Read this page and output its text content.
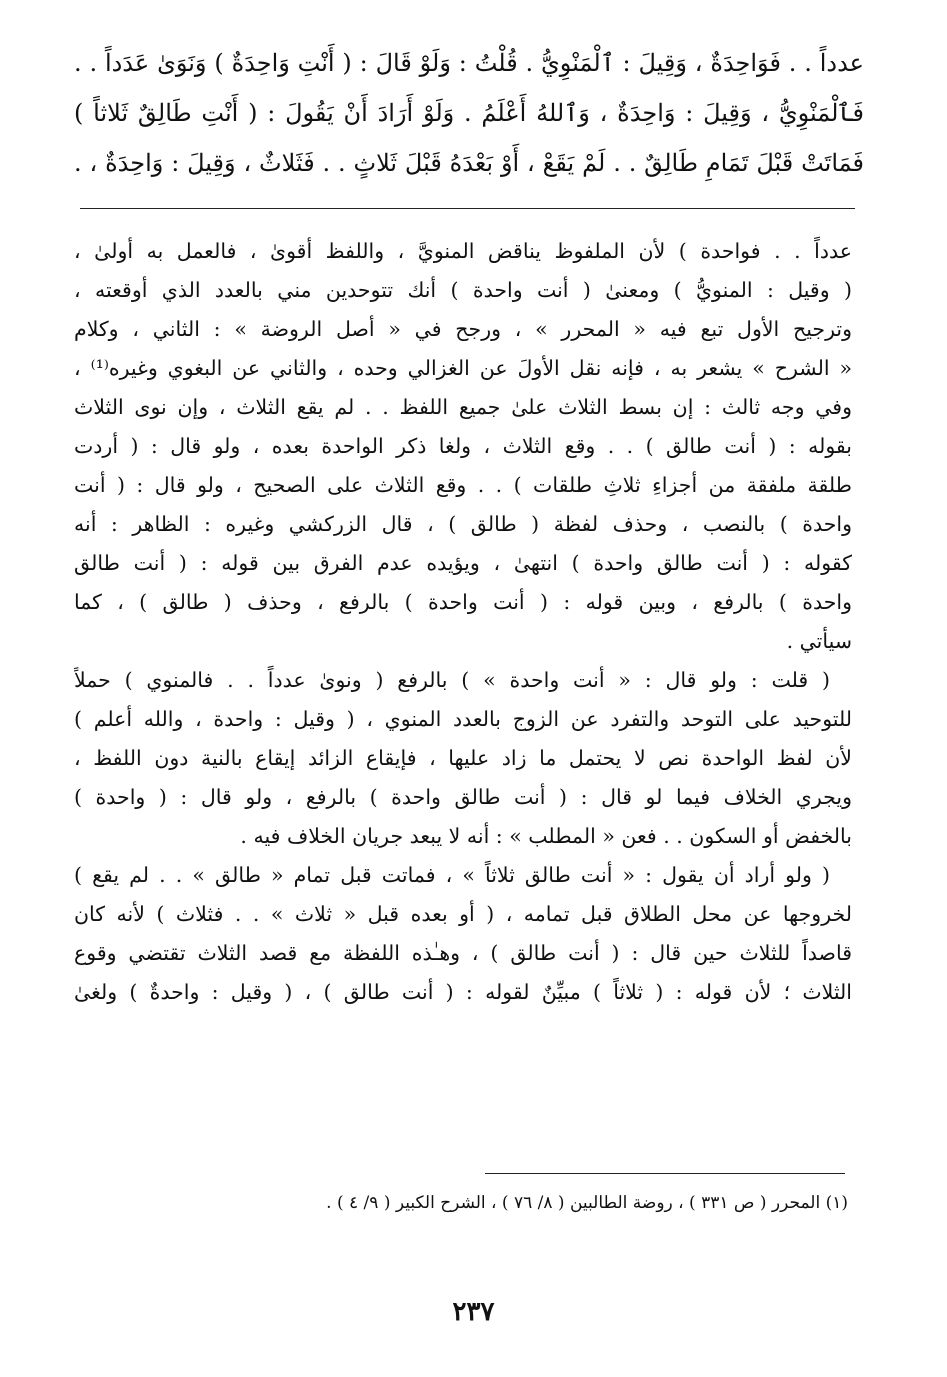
عدداً . . فَوَاحِدَةٌ ، وَقِيلَ : ٱلْمَنْوِيُّ . قُلْتُ : وَلَوْ قَالَ : ( أَنْتِ وَاحِدَةٌ ) وَنَوَىٰ عَدَداً . .
فَٱلْمَنْوِيُّ ، وَقِيلَ : وَاحِدَةٌ ، وَٱللهُ أَعْلَمُ . وَلَوْ أَرَادَ أَنْ يَقُولَ : ( أَنْتِ طَالِقٌ ثَلاثاً )
فَمَاتَتْ قَبْلَ تَمَامِ طَالِقٌ . . لَمْ يَقَعْ ، أَوْ بَعْدَهُ قَبْلَ ثَلاثٍ . . فَثَلاثٌ ، وَقِيلَ : وَاحِدَةٌ ، .
عدداً . . فواحدة ) لأن الملفوظ يناقض المنويَّ ، واللفظ أقوىٰ ، فالعمل به أولىٰ ،
( وقيل : المنويُّ ) ومعنىٰ ( أنت واحدة ) أنك تتوحدين مني بالعدد الذي أوقعته ،
وترجيح الأول تبع فيه « المحرر » ، ورجح في « أصل الروضة » : الثاني ، وكلام
« الشرح » يشعر به ، فإنه نقل الأولَ عن الغزالي وحده ، والثاني عن البغوي وغيره⁽¹⁾ ،
وفي وجه ثالث : إن بسط الثلاث علىٰ جميع اللفظ . . لم يقع الثلاث ، وإن نوى الثلاث
بقوله : ( أنت طالق ) . . وقع الثلاث ، ولغا ذكر الواحدة بعده ، ولو قال : ( أردت
طلقة ملفقة من أجزاءِ ثلاثِ طلقات ) . . وقع الثلاث على الصحيح ، ولو قال : ( أنت
واحدة ) بالنصب ، وحذف لفظة ( طالق ) ، قال الزركشي وغيره : الظاهر : أنه
كقوله : ( أنت طالق واحدة ) انتهىٰ ، ويؤيده عدم الفرق بين قوله : ( أنت طالق
واحدة ) بالرفع ، وبين قوله : ( أنت واحدة ) بالرفع ، وحذف ( طالق ) ، كما
سيأتي .
( قلت : ولو قال : « أنت واحدة » ) بالرفع ( ونوىٰ عدداً . . فالمنوي ) حملاً
للتوحيد على التوحد والتفرد عن الزوج بالعدد المنوي ، ( وقيل : واحدة ، والله أعلم )
لأن لفظ الواحدة نص لا يحتمل ما زاد عليها ، فإيقاع الزائد إيقاع بالنية دون اللفظ ،
ويجري الخلاف فيما لو قال : ( أنت طالق واحدة ) بالرفع ، ولو قال : ( واحدة )
بالخفض أو السكون . . فعن « المطلب » : أنه لا يبعد جريان الخلاف فيه .
( ولو أراد أن يقول : « أنت طالق ثلاثاً » ، فماتت قبل تمام « طالق » . . لم يقع )
لخروجها عن محل الطلاق قبل تمامه ، ( أو بعده قبل « ثلاث » . . فثلاث ) لأنه كان
قاصداً للثلاث حين قال : ( أنت طالق ) ، وهـٰذه اللفظة مع قصد الثلاث تقتضي وقوع
الثلاث ؛ لأن قوله : ( ثلاثاً ) مبيِّنٌ لقوله : ( أنت طالق ) ، ( وقيل : واحدةٌ ) ولغىٰ
(١) المحرر ( ص ٣٣١ ) ، روضة الطالبين ( ٨/ ٧٦ ) ، الشرح الكبير ( ٩/ ٤ ) .
٢٣٧
